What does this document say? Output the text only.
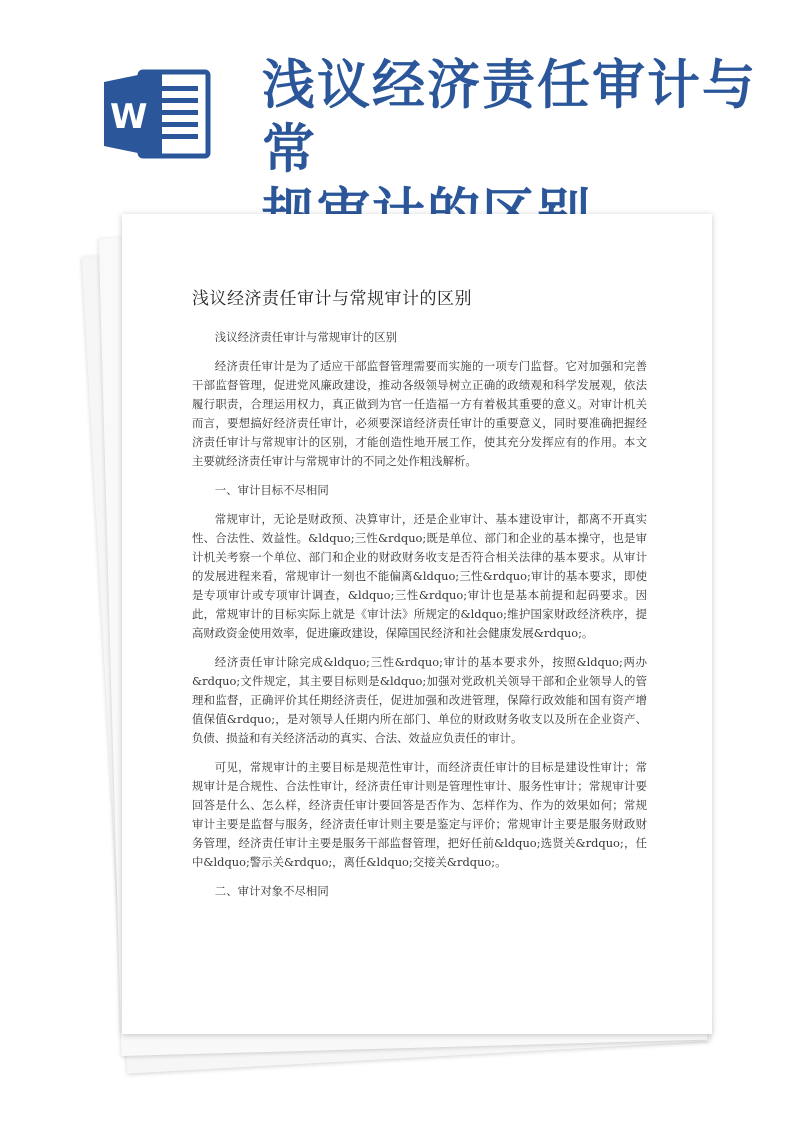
W
浅议经济责任审计与常
浅议经济责任审计与常规审计的区别

浅议经济责任审计与常规审计的区别

经济责任审计是为了适应干部监督管理需要而实施的一项专门监督。它对加强和完善干部监督管理，促进党风廉政建设，推动各级领导树立正确的政绩观和科学发展观，依法履行职责，合理运用权力，真正做到为官一任造福一方有着极其重要的意义。对审计机关而言，要想搞好经济责任审计，必须要深谙经济责任审计的重要意义，同时要准确把握经济责任审计与常规审计的区别，才能创造性地开展工作，使其充分发挥应有的作用。本文主要就经济责任审计与常规审计的不同之处作粗浅解析。

一、审计目标不尽相同

常规审计，无论是财政预、决算审计，还是企业审计、基本建设审计，都离不开真实性、合法性、效益性。&ldquo;三性&rdquo;既是单位、部门和企业的基本操守，也是审计机关考察一个单位、部门和企业的财政财务收支是否符合相关法律的基本要求。从审计的发展进程来看，常规审计一刻也不能偏离&ldquo;三性&rdquo;审计的基本要求，即使是专项审计或专项审计调查，&ldquo;三性&rdquo;审计也是基本前提和起码要求。因此，常规审计的目标实际上就是《审计法》所规定的&ldquo;维护国家财政经济秩序，提高财政资金使用效率，促进廉政建设，保障国民经济和社会健康发展&rdquo;。

经济责任审计除完成&ldquo;三性&rdquo;审计的基本要求外，按照&ldquo;两办&rdquo;文件规定，其主要目标则是&ldquo;加强对党政机关领导干部和企业领导人的管理和监督，正确评价其任期经济责任，促进加强和改进管理，保障行政效能和国有资产增值保值&rdquo;，是对领导人任期内所在部门、单位的财政财务收支以及所在企业资产、负债、损益和有关经济活动的真实、合法、效益应负责任的审计。

可见，常规审计的主要目标是规范性审计，而经济责任审计的目标是建设性审计；常规审计是合规性、合法性审计，经济责任审计则是管理性审计、服务性审计；常规审计要回答是什么、怎么样，经济责任审计要回答是否作为、怎样作为、作为的效果如何；常规审计主要是监督与服务，经济责任审计则主要是鉴定与评价；常规审计主要是服务财政财务管理，经济责任审计主要是服务干部监督管理，把好任前&ldquo;选贤关&rdquo;，任中&ldquo;警示关&rdquo;，离任&ldquo;交接关&rdquo;。

二、审计对象不尽相同
